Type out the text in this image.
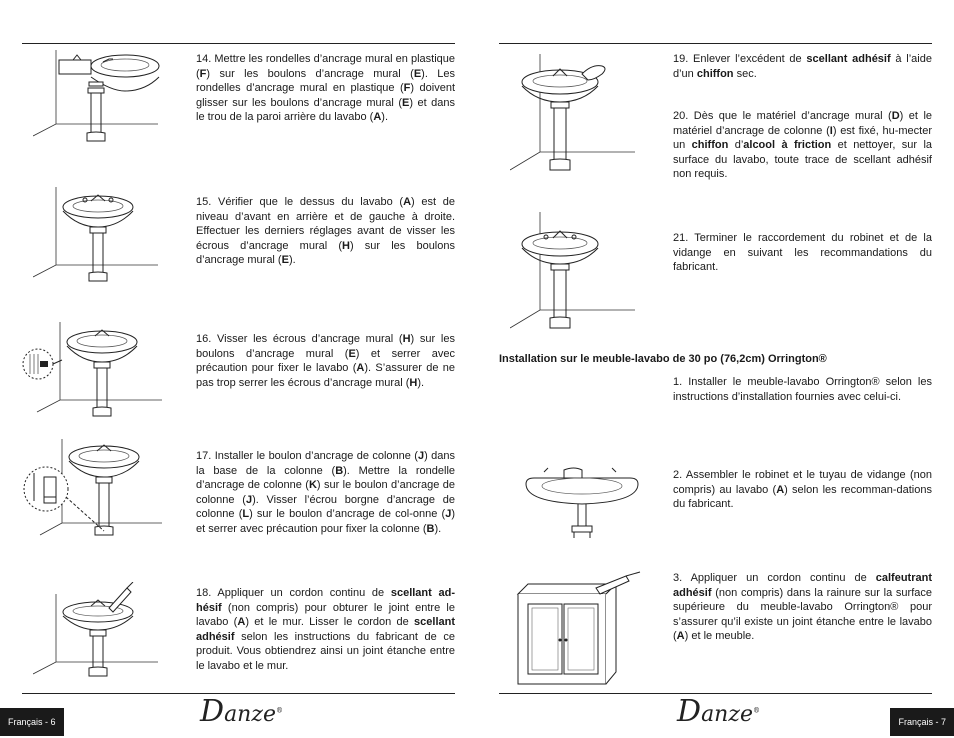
14. Mettre les rondelles d’ancrage mural en plastique (F) sur les boulons d’ancrage mural (E). Les rondelles d’ancrage mural en plastique (F) doivent glisser sur les boulons d’ancrage mural (E) et dans le trou de la paroi arrière du lavabo (A).

15. Vérifier que le dessus du lavabo (A) est de niveau d’avant en arrière et de gauche à droite. Effectuer les derniers réglages avant de visser les écrous d’ancrage mural (H) sur les boulons d’ancrage mural (E).

16. Visser les écrous d’ancrage mural (H) sur les boulons d’ancrage mural (E) et serrer avec précaution pour fixer le lavabo (A). S’assurer de ne pas trop serrer les écrous d’ancrage mural (H).

17. Installer le boulon d’ancrage de colonne (J) dans la base de la colonne (B). Mettre la rondelle d’ancrage de colonne (K) sur le boulon d’ancrage de colonne (J). Visser l’écrou borgne d’ancrage de colonne (L) sur le boulon d’ancrage de col-onne (J) et serrer avec précaution pour fixer la colonne (B).

18. Appliquer un cordon continu de scellant ad-hésif (non compris) pour obturer le joint entre le lavabo (A) et le mur. Lisser le cordon de scellant adhésif selon les instructions du fabricant de ce produit. Vous obtiendrez ainsi un joint étanche entre le lavabo et le mur.

19. Enlever l’excédent de scellant adhésif à l’aide d’un chiffon sec.

20. Dès que le matériel d’ancrage mural (D) et le matériel d’ancrage de colonne (I) est fixé, hu-mecter un chiffon d’alcool à friction et nettoyer, sur la surface du lavabo, toute trace de scellant adhésif non requis.

21. Terminer le raccordement du robinet et de la vidange en suivant les recommandations du fabricant.

Installation sur le meuble-lavabo de 30 po (76,2cm) Orrington®

1. Installer le meuble-lavabo Orrington® selon les instructions d’installation fournies avec celui-ci.

2. Assembler le robinet et le tuyau de vidange (non compris) au lavabo (A) selon les recomman-dations du fabricant.

3. Appliquer un cordon continu de calfeutrant adhésif (non compris) dans la rainure sur la surface supérieure du meuble-lavabo Orrington® pour s’assurer qu’il existe un joint étanche entre le lavabo (A) et le meuble.

Français - 6	Français - 7
Danze®	Danze®
